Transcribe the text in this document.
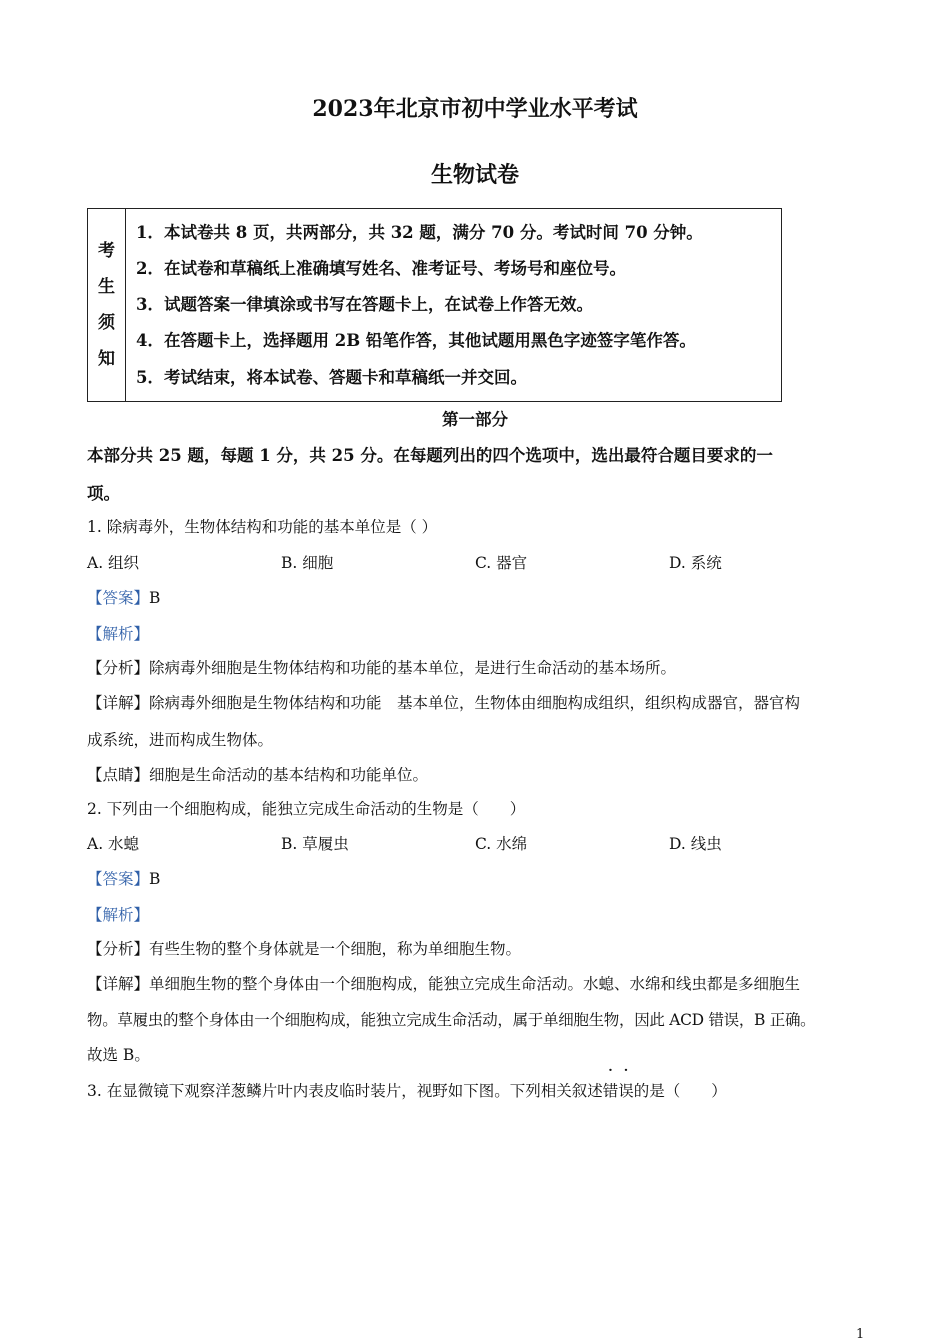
2023年北京市初中学业水平考试
生物试卷
考
生
须
知
1．本试卷共 8 页，共两部分，共 32 题，满分 70 分。考试时间 70 分钟。
2．在试卷和草稿纸上准确填写姓名、准考证号、考场号和座位号。
3．试题答案一律填涂或书写在答题卡上，在试卷上作答无效。
4．在答题卡上，选择题用 2B 铅笔作答，其他试题用黑色字迹签字笔作答。
5．考试结束，将本试卷、答题卡和草稿纸一并交回。
第一部分
本部分共 25 题，每题 1 分，共 25 分。在每题列出的四个选项中，选出最符合题目要求的一
项。
1. 除病毒外，生物体结构和功能的基本单位是（ ）
A. 组织	B. 细胞	C. 器官	D. 系统
【答案】B
【解析】
【分析】除病毒外细胞是生物体结构和功能的基本单位，是进行生命活动的基本场所。
【详解】除病毒外细胞是生物体结构和功能　基本单位，生物体由细胞构成组织，组织构成器官，器官构
成系统，进而构成生物体。
【点睛】细胞是生命活动的基本结构和功能单位。
2. 下列由一个细胞构成，能独立完成生命活动的生物是（　　）
A. 水螅	B. 草履虫	C. 水绵	D. 线虫
【答案】B
【解析】
【分析】有些生物的整个身体就是一个细胞，称为单细胞生物。
【详解】单细胞生物的整个身体由一个细胞构成，能独立完成生命活动。水螅、水绵和线虫都是多细胞生
物。草履虫的整个身体由一个细胞构成，能独立完成生命活动，属于单细胞生物，因此 ACD 错误，B 正确。
故选 B。
3. 在显微镜下观察洋葱鳞片叶内表皮临时装片，视野如下图。下列相关叙述错误的是（　　）
1
